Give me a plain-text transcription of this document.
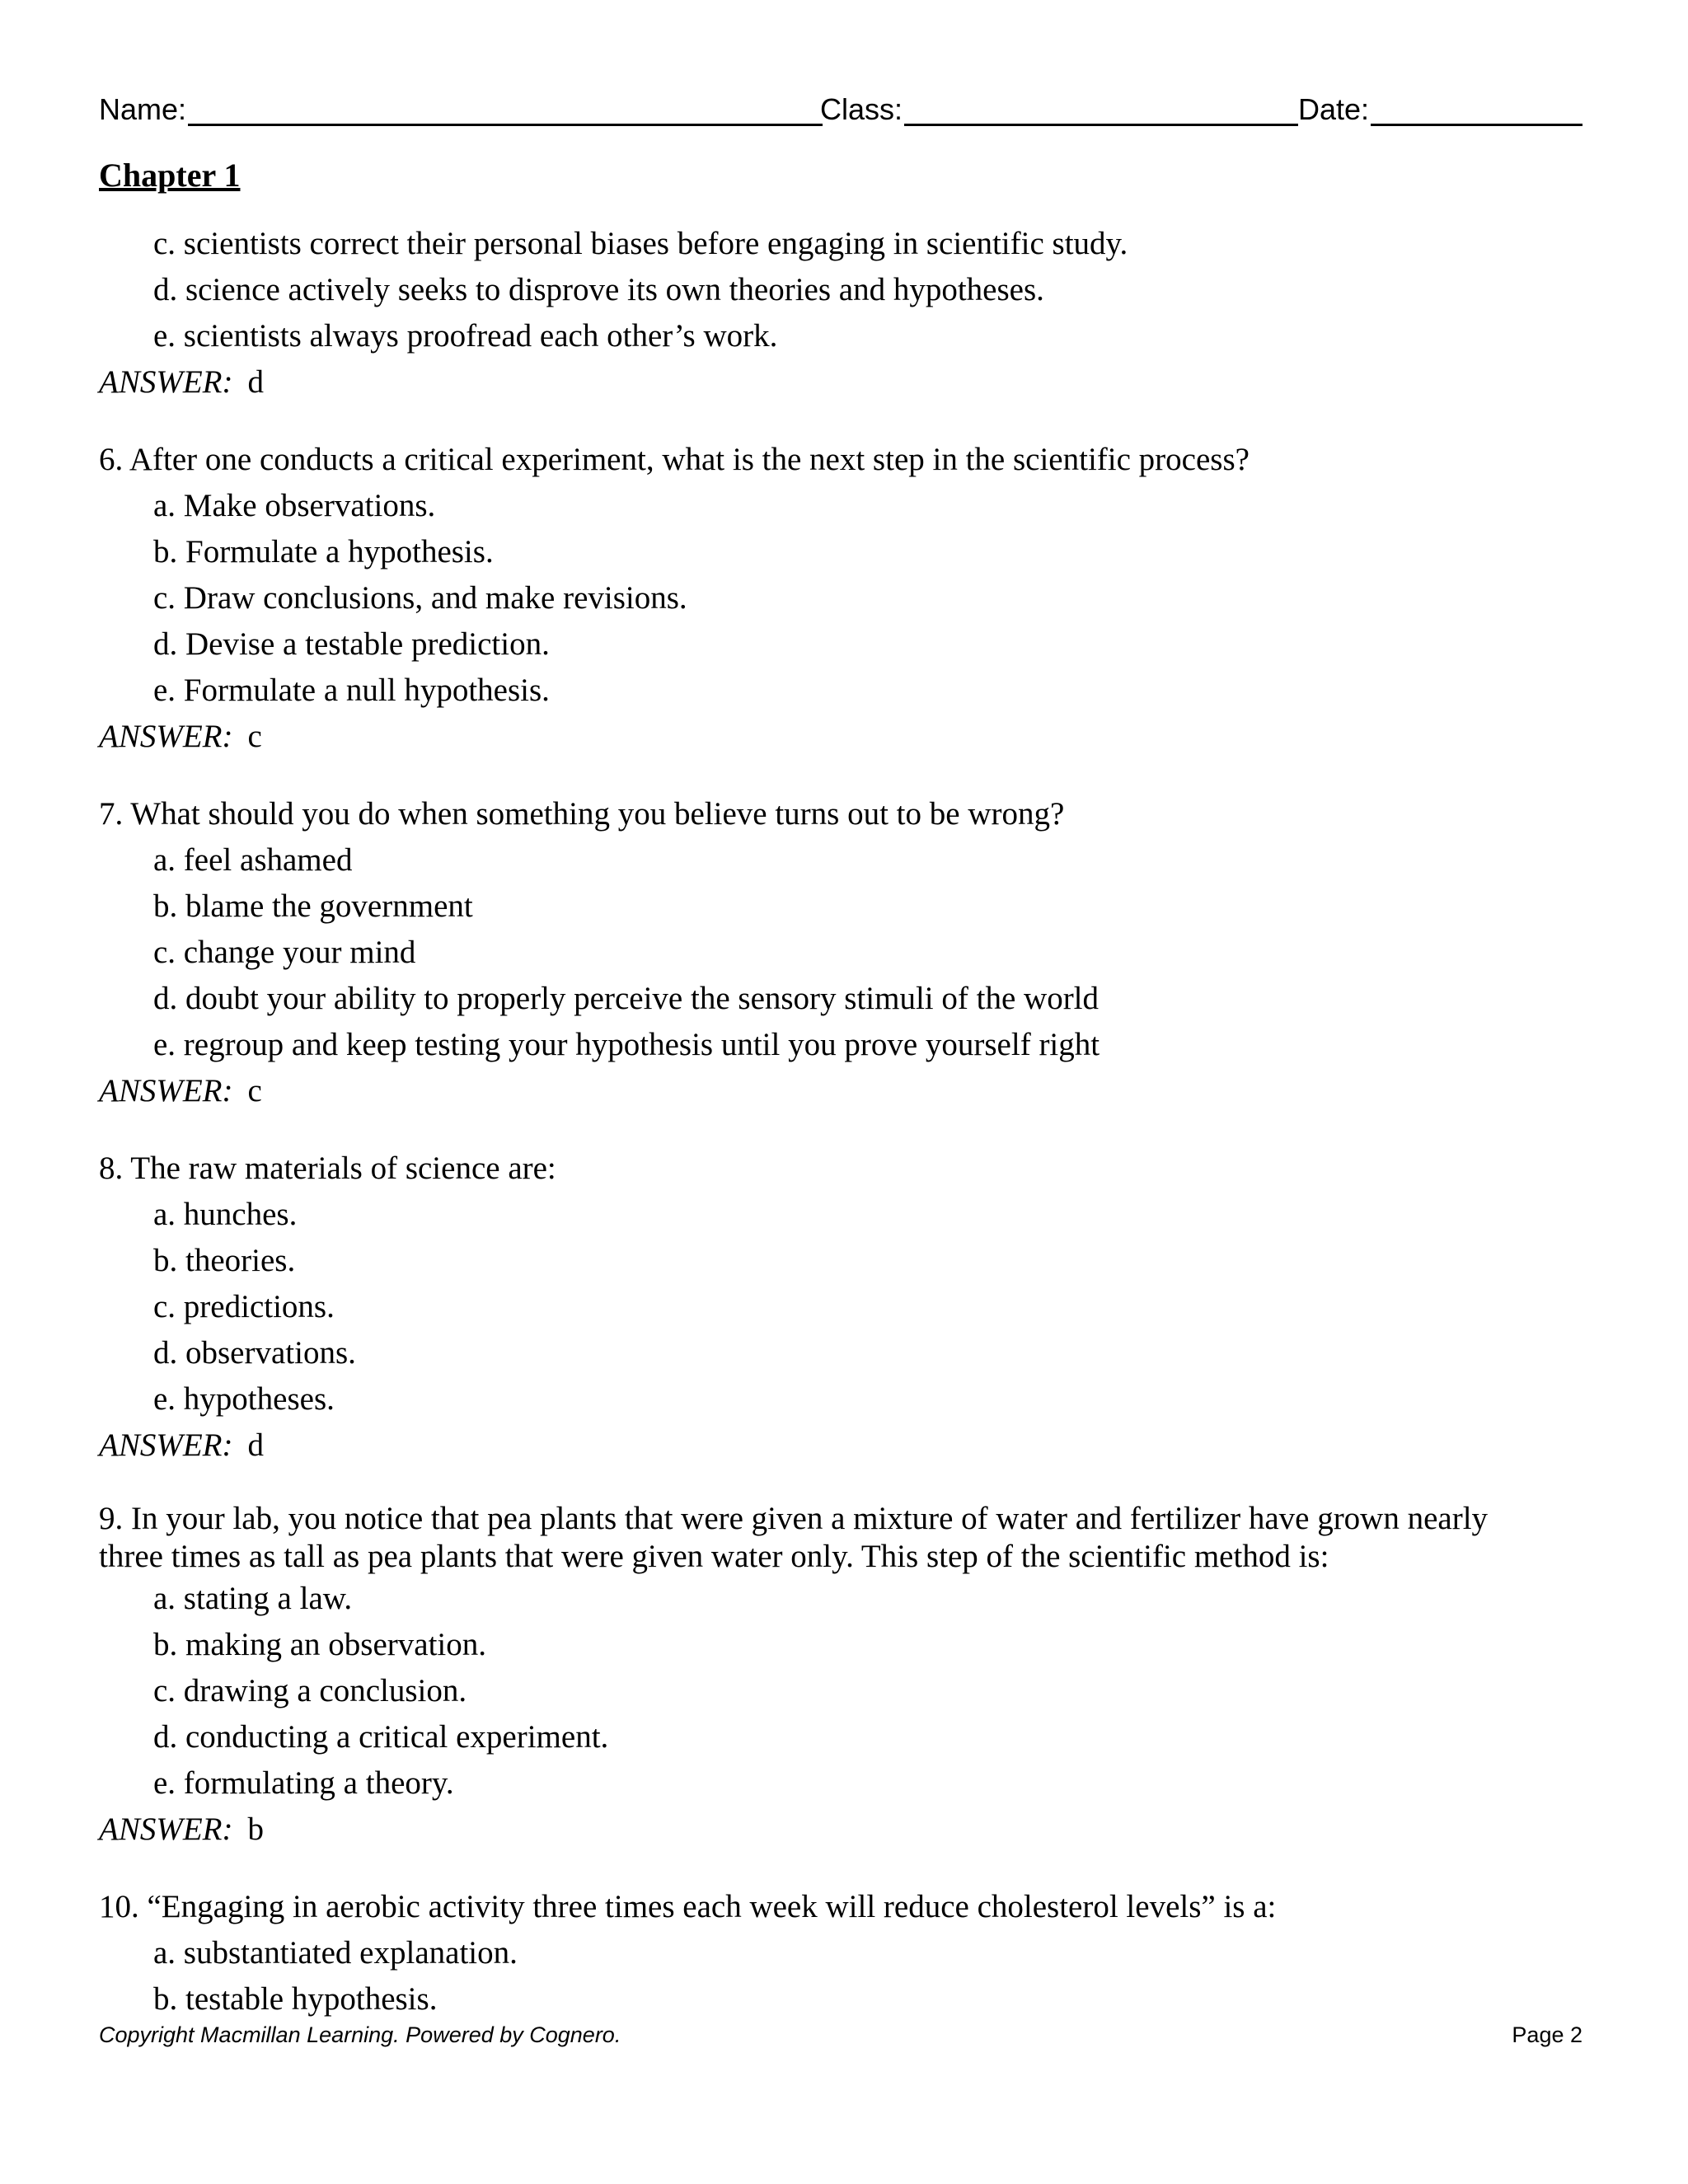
Name:	Class:	Date:
Chapter 1
c. scientists correct their personal biases before engaging in scientific study.
d. science actively seeks to disprove its own theories and hypotheses.
e. scientists always proofread each other’s work.
ANSWER: d
6. After one conducts a critical experiment, what is the next step in the scientific process?
a. Make observations.
b. Formulate a hypothesis.
c. Draw conclusions, and make revisions.
d. Devise a testable prediction.
e. Formulate a null hypothesis.
ANSWER: c
7. What should you do when something you believe turns out to be wrong?
a. feel ashamed
b. blame the government
c. change your mind
d. doubt your ability to properly perceive the sensory stimuli of the world
e. regroup and keep testing your hypothesis until you prove yourself right
ANSWER: c
8. The raw materials of science are:
a. hunches.
b. theories.
c. predictions.
d. observations.
e. hypotheses.
ANSWER: d
9. In your lab, you notice that pea plants that were given a mixture of water and fertilizer have grown nearly
three times as tall as pea plants that were given water only. This step of the scientific method is:
a. stating a law.
b. making an observation.
c. drawing a conclusion.
d. conducting a critical experiment.
e. formulating a theory.
ANSWER: b
10. “Engaging in aerobic activity three times each week will reduce cholesterol levels” is a:
a. substantiated explanation.
b. testable hypothesis.
Copyright Macmillan Learning. Powered by Cognero.	Page 2
